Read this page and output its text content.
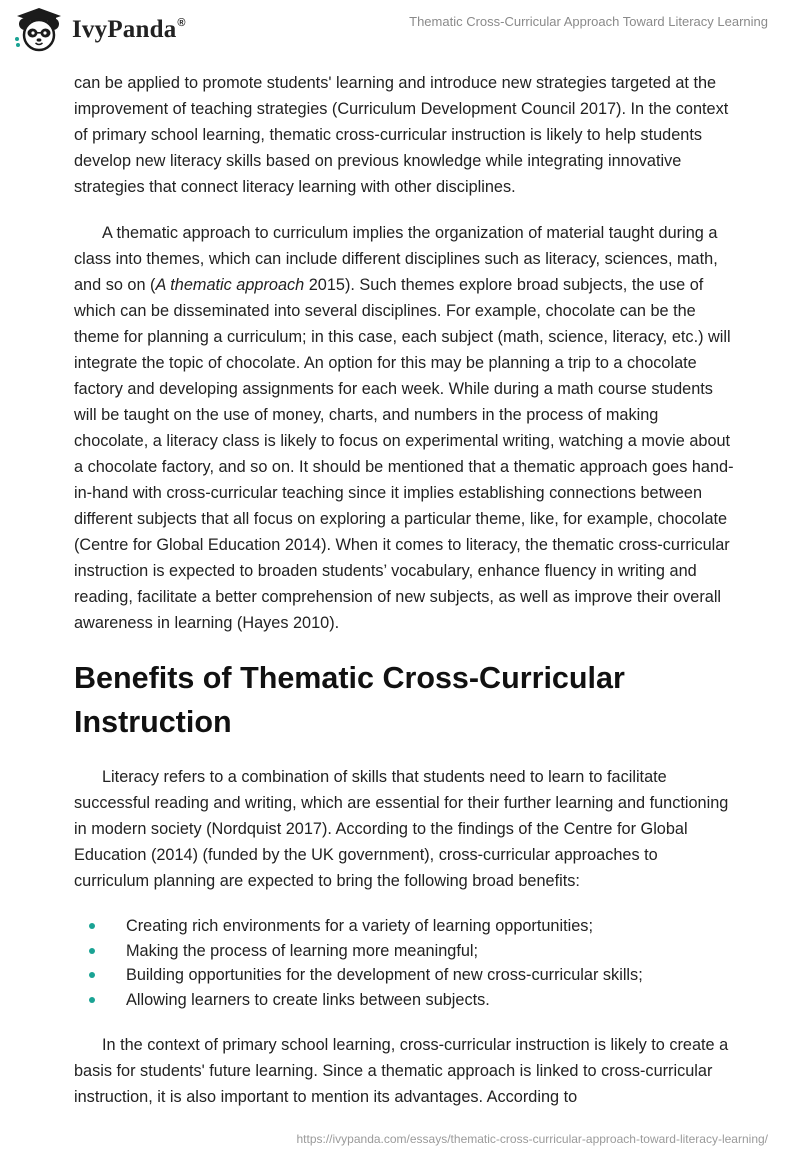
IvyPanda ®	Thematic Cross-Curricular Approach Toward Literacy Learning

can be applied to promote students' learning and introduce new strategies targeted at the improvement of teaching strategies (Curriculum Development Council 2017). In the context of primary school learning, thematic cross-curricular instruction is likely to help students develop new literacy skills based on previous knowledge while integrating innovative strategies that connect literacy learning with other disciplines.

A thematic approach to curriculum implies the organization of material taught during a class into themes, which can include different disciplines such as literacy, sciences, math, and so on (A thematic approach 2015). Such themes explore broad subjects, the use of which can be disseminated into several disciplines. For example, chocolate can be the theme for planning a curriculum; in this case, each subject (math, science, literacy, etc.) will integrate the topic of chocolate. An option for this may be planning a trip to a chocolate factory and developing assignments for each week. While during a math course students will be taught on the use of money, charts, and numbers in the process of making chocolate, a literacy class is likely to focus on experimental writing, watching a movie about a chocolate factory, and so on. It should be mentioned that a thematic approach goes hand-in-hand with cross-curricular teaching since it implies establishing connections between different subjects that all focus on exploring a particular theme, like, for example, chocolate (Centre for Global Education 2014). When it comes to literacy, the thematic cross-curricular instruction is expected to broaden students’ vocabulary, enhance fluency in writing and reading, facilitate a better comprehension of new subjects, as well as improve their overall awareness in learning (Hayes 2010).

Benefits of Thematic Cross-Curricular Instruction

Literacy refers to a combination of skills that students need to learn to facilitate successful reading and writing, which are essential for their further learning and functioning in modern society (Nordquist 2017). According to the findings of the Centre for Global Education (2014) (funded by the UK government), cross-curricular approaches to curriculum planning are expected to bring the following broad benefits:

Creating rich environments for a variety of learning opportunities;
Making the process of learning more meaningful;
Building opportunities for the development of new cross-curricular skills;
Allowing learners to create links between subjects.

In the context of primary school learning, cross-curricular instruction is likely to create a basis for students' future learning. Since a thematic approach is linked to cross-curricular instruction, it is also important to mention its advantages. According to

https://ivypanda.com/essays/thematic-cross-curricular-approach-toward-literacy-learning/
